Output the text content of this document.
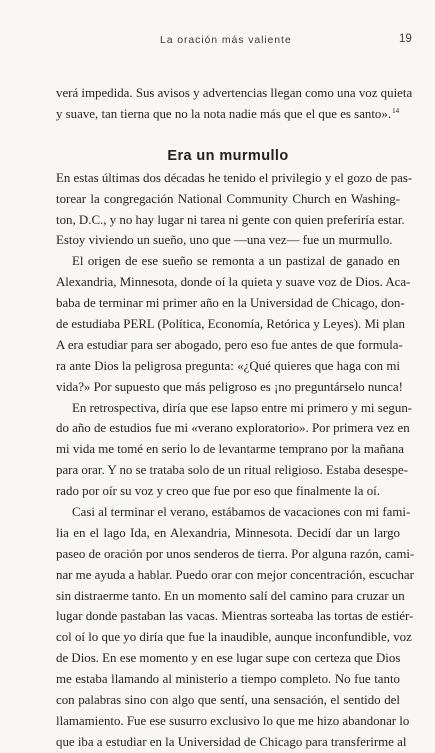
La oración más valiente	19
verá impedida. Sus avisos y advertencias llegan como una voz quieta
y suave, tan tierna que no la nota nadie más que el que es santo».$^{14}$
Era un murmullo
En estas últimas dos décadas he tenido el privilegio y el gozo de pas-
torear la congregación National Community Church en Washing-
ton, D.C., y no hay lugar ni tarea ni gente con quien preferiría estar.
Estoy viviendo un sueño, uno que —una vez— fue un murmullo.
El origen de ese sueño se remonta a un pastizal de ganado en
Alexandria, Minnesota, donde oí la quieta y suave voz de Dios. Aca-
baba de terminar mi primer año en la Universidad de Chicago, don-
de estudiaba PERL (Política, Economía, Retórica y Leyes). Mi plan
A era estudiar para ser abogado, pero eso fue antes de que formula-
ra ante Dios la peligrosa pregunta: «¿Qué quieres que haga con mi
vida?» Por supuesto que más peligroso es ¡no preguntárselo nunca!
En retrospectiva, diría que ese lapso entre mi primero y mi segun-
do año de estudios fue mi «verano exploratorio». Por primera vez en
mi vida me tomé en serio lo de levantarme temprano por la mañana
para orar. Y no se trataba solo de un ritual religioso. Estaba desespe-
rado por oír su voz y creo que fue por eso que finalmente la oí.
Casi al terminar el verano, estábamos de vacaciones con mi fami-
lia en el lago Ida, en Alexandria, Minnesota. Decidí dar un largo
paseo de oración por unos senderos de tierra. Por alguna razón, cami-
nar me ayuda a hablar. Puedo orar con mejor concentración, escuchar
sin distraerme tanto. En un momento salí del camino para cruzar un
lugar donde pastaban las vacas. Mientras sorteaba las tortas de estiér-
col oí lo que yo diría que fue la inaudible, aunque inconfundible, voz
de Dios. En ese momento y en ese lugar supe con certeza que Dios
me estaba llamando al ministerio a tiempo completo. No fue tanto
con palabras sino con algo que sentí, una sensación, el sentido del
llamamiento. Fue ese susurro exclusivo lo que me hizo abandonar lo
que iba a estudiar en la Universidad de Chicago para transferirme al
